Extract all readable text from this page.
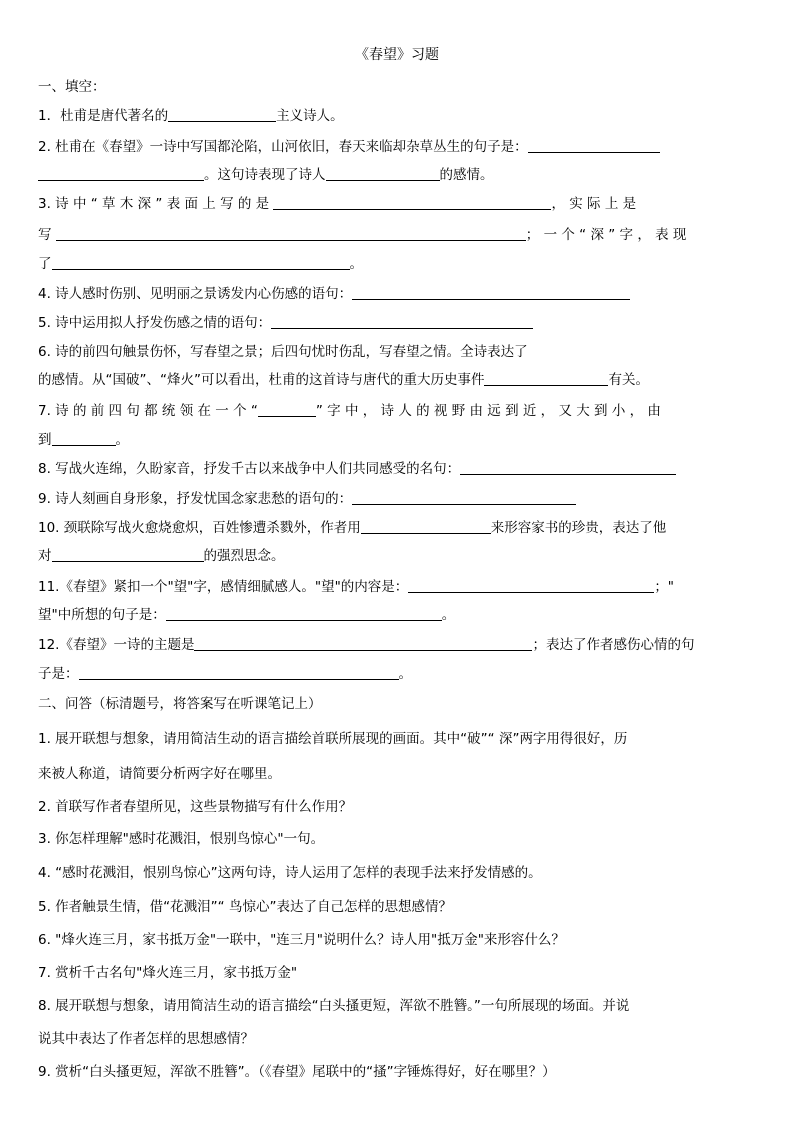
《春望》习题
一、填空：
1．杜甫是唐代著名的	主义诗人。
2. 杜甫在《春望》一诗中写国都沦陷，山河依旧，春天来临却杂草丛生的句子是：
。这句诗表现了诗人	的感情。
3. 诗 中 “ 草 木 深 ” 表 面 上 写 的 是	， 实 际 上 是
写	； 一 个 “ 深 ” 字 ， 表 现
了	。
4. 诗人感时伤别、见明丽之景诱发内心伤感的语句：
5. 诗中运用拟人抒发伤感之情的语句：
6. 诗的前四句触景伤怀，写春望之景；后四句忧时伤乱，写春望之情。全诗表达了
的感情。从“国破”、“烽火”可以看出，杜甫的这首诗与唐代的重大历史事件	有关。
7. 诗 的 前 四 句 都 统 领 在 一 个 “	” 字 中 ， 诗 人 的 视 野 由 远 到 近 ， 又 大 到 小 ， 由
到	。
8. 写战火连绵，久盼家音，抒发千古以来战争中人们共同感受的名句：
9. 诗人刻画自身形象，抒发忧国念家悲愁的语句的：
10. 颈联除写战火愈烧愈炽，百姓惨遭杀戮外，作者用	来形容家书的珍贵，表达了他
对	的强烈思念。
11.《春望》紧扣一个"望"字，感情细腻感人。"望"的内容是：	；"
望"中所想的句子是：	。
12.《春望》一诗的主题是	；表达了作者感伤心情的句
子是：	。
二、问答（标清题号，将答案写在听课笔记上）
1. 展开联想与想象，请用简洁生动的语言描绘首联所展现的画面。其中“破”“ 深”两字用得很好，历
来被人称道，请简要分析两字好在哪里。
2. 首联写作者春望所见，这些景物描写有什么作用？
3. 你怎样理解"感时花溅泪，恨别鸟惊心"一句。
4. “感时花溅泪，恨别鸟惊心”这两句诗，诗人运用了怎样的表现手法来抒发情感的。
5. 作者触景生情，借“花溅泪”“ 鸟惊心”表达了自己怎样的思想感情？
6. "烽火连三月，家书抵万金"一联中，"连三月"说明什么？诗人用"抵万金"来形容什么？
7. 赏析千古名句"烽火连三月，家书抵万金"
8. 展开联想与想象，请用简洁生动的语言描绘“白头搔更短，浑欲不胜簪。”一句所展现的场面。并说
说其中表达了作者怎样的思想感情？
9. 赏析“白头搔更短，浑欲不胜簪”。（《春望》尾联中的“搔”字锤炼得好，好在哪里？）
